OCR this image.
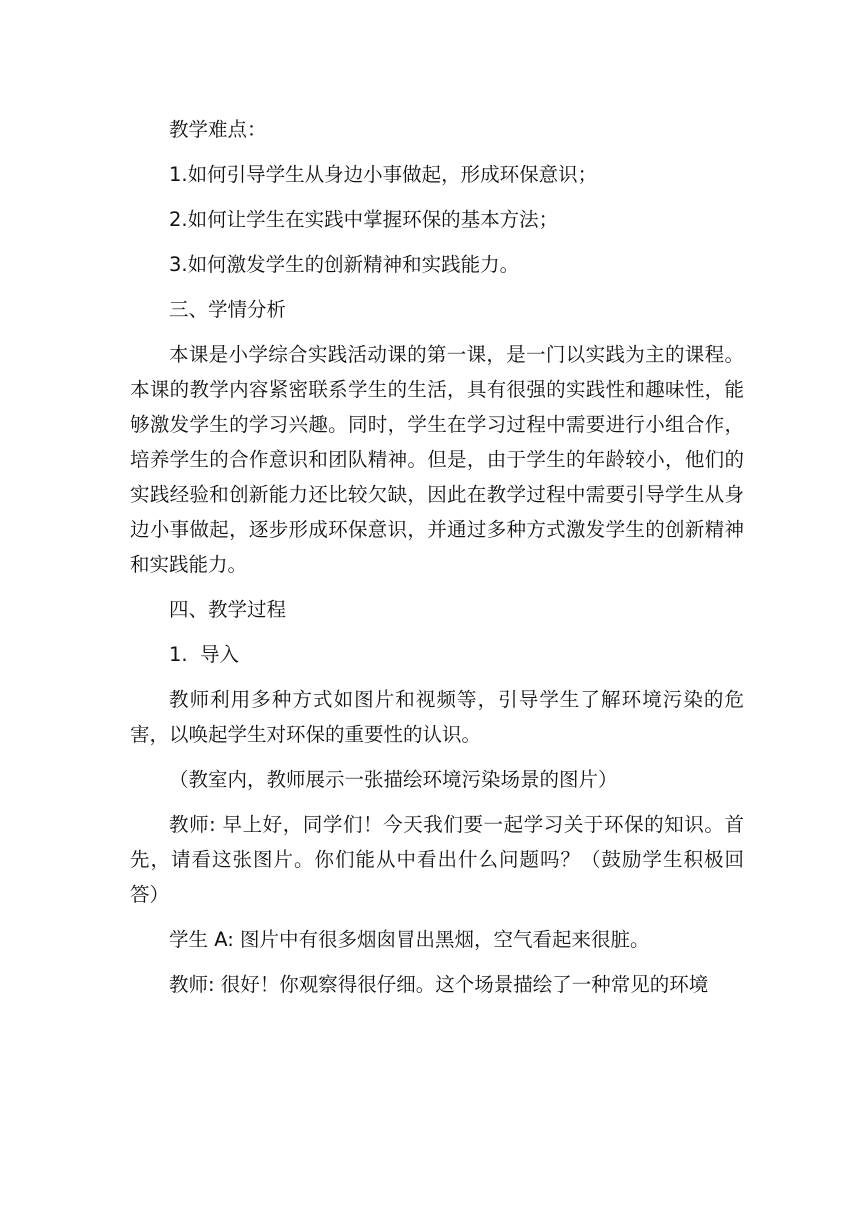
教学难点：

1.如何引导学生从身边小事做起，形成环保意识；

2.如何让学生在实践中掌握环保的基本方法；

3.如何激发学生的创新精神和实践能力。

三、学情分析

本课是小学综合实践活动课的第一课，是一门以实践为主的课程。本课的教学内容紧密联系学生的生活，具有很强的实践性和趣味性，能够激发学生的学习兴趣。同时，学生在学习过程中需要进行小组合作，培养学生的合作意识和团队精神。但是，由于学生的年龄较小，他们的实践经验和创新能力还比较欠缺，因此在教学过程中需要引导学生从身边小事做起，逐步形成环保意识，并通过多种方式激发学生的创新精神和实践能力。

四、教学过程

1.  导入

教师利用多种方式如图片和视频等，引导学生了解环境污染的危害，以唤起学生对环保的重要性的认识。

（教室内，教师展示一张描绘环境污染场景的图片）

教师: 早上好，同学们！今天我们要一起学习关于环保的知识。首先，请看这张图片。你们能从中看出什么问题吗？（鼓励学生积极回答）

学生 A: 图片中有很多烟囱冒出黑烟，空气看起来很脏。

教师: 很好！你观察得很仔细。这个场景描绘了一种常见的环境
